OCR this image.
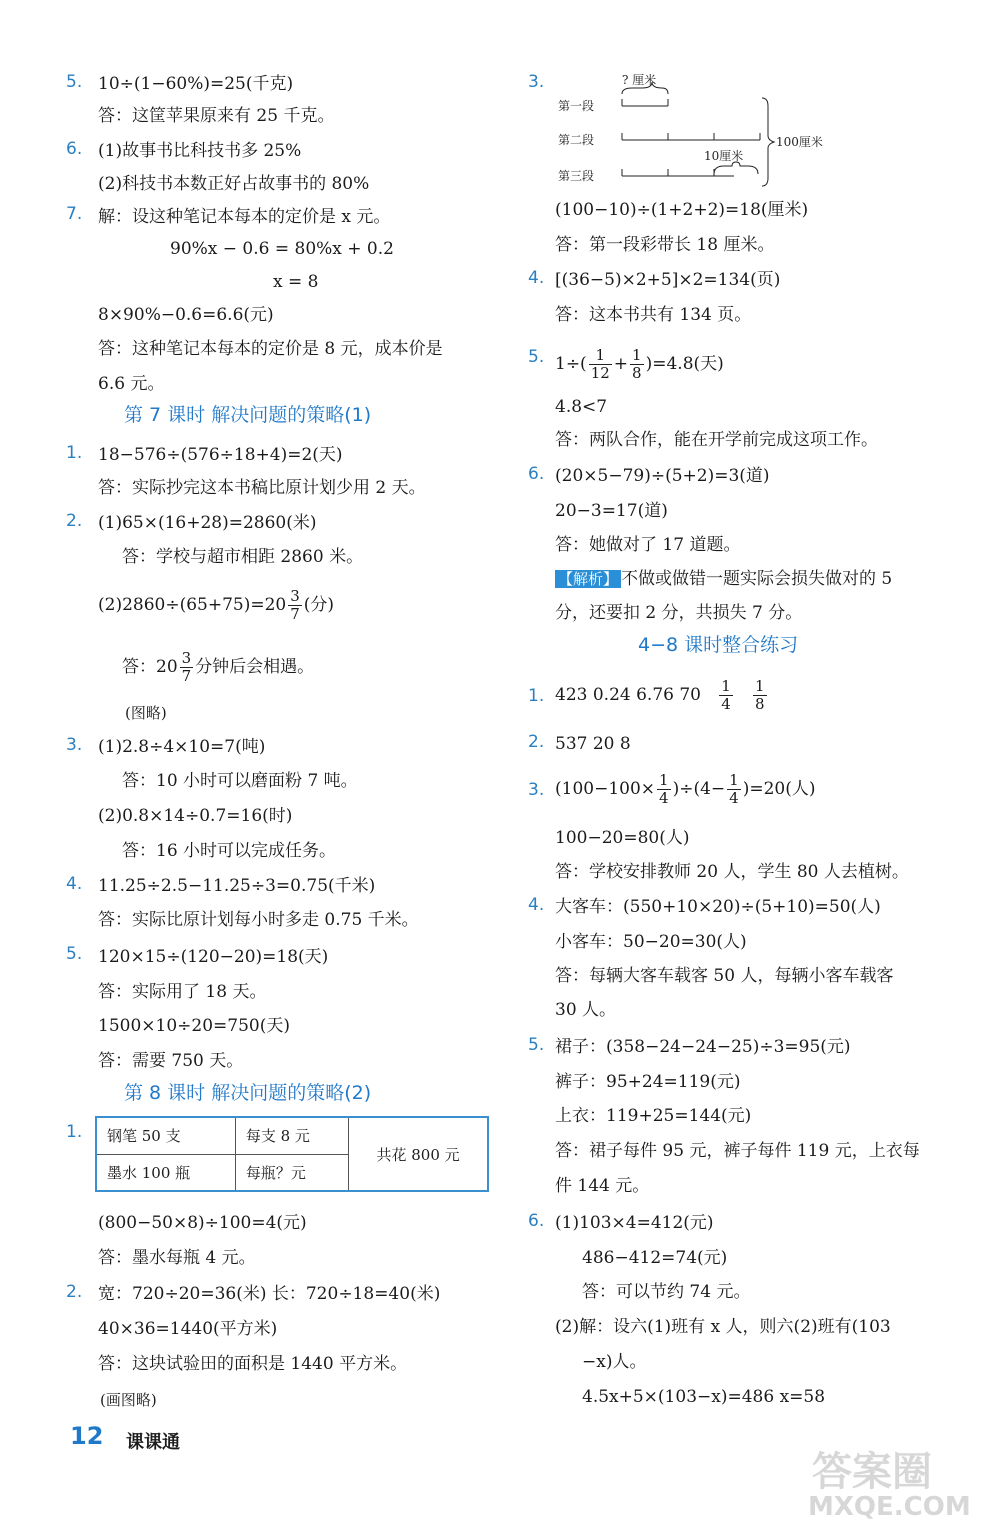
5. 10÷(1−60%)=25(千克)
答：这筐苹果原来有 25 千克。
6. (1)故事书比科技书多 25%
(2)科技书本数正好占故事书的 80%
7. 解：设这种笔记本每本的定价是 x 元。
90%x − 0.6 = 80%x + 0.2
x = 8
8×90%−0.6=6.6(元)
答：这种笔记本每本的定价是 8 元，成本价是
6.6 元。
第 7 课时 解决问题的策略(1)
1. 18−576÷(576÷18+4)=2(天)
答：实际抄完这本书稿比原计划少用 2 天。
2. (1)65×(16+28)=2860(米)
答：学校与超市相距 2860 米。
$(2)2860\div(65+75)=20 \frac{3}{7}$ (分)
答：$20 \frac{3}{7}$ 分钟后会相遇。
(图略)
3. (1)2.8÷4×10=7(吨)
答：10 小时可以磨面粉 7 吨。
(2)0.8×14÷0.7=16(时)
答：16 小时可以完成任务。
4. 11.25÷2.5−11.25÷3=0.75(千米)
答：实际比原计划每小时多走 0.75 千米。
5. 120×15÷(120−20)=18(天)
答：实际用了 18 天。
1500×10÷20=750(天)
答：需要 750 天。
第 8 课时 解决问题的策略(2)
1. 钢笔 50 支	每支 8 元	共花 800 元
墨水 100 瓶	每瓶？元	
(800−50×8)÷100=4(元)
答：墨水每瓶 4 元。
2. 宽：720÷20=36(米) 长：720÷18=40(米)
40×36=1440(平方米)
答：这块试验田的面积是 1440 平方米。
(画图略)
12 课课通
3.	? 厘米
第一段
第二段
10厘米
第三段
100厘米
(100−10)÷(1+2+2)=18(厘米)
答：第一段彩带长 18 厘米。
4. [(36−5)×2+5]×2=134(页)
答：这本书共有 134 页。
5. $1\div( \frac{1}{12} + \frac{1}{8} )=4.8$(天)
4.8<7
答：两队合作，能在开学前完成这项工作。
6. (20×5−79)÷(5+2)=3(道)
20−3=17(道)
答：她做对了 17 道题。
【解析】 不做或做错一题实际会损失做对的 5
分，还要扣 2 分，共损失 7 分。
4−8 课时整合练习
1. 423 0.24 6.76 $70 \frac{1}{4}$
$\frac{1}{8}$
2. 537 20 8
3. $(100-100\times \frac{1}{4} )\div(4- \frac{1}{4} )=20$(人)
100−20=80(人)
答：学校安排教师 20 人，学生 80 人去植树。
4. 大客车：(550+10×20)÷(5+10)=50(人)
小客车：50−20=30(人)
答：每辆大客车载客 50 人，每辆小客车载客
30 人。
5. 裙子：(358−24−24−25)÷3=95(元)
裤子：95+24=119(元)
上衣：119+25=144(元)
答：裙子每件 95 元，裤子每件 119 元，上衣每
件 144 元。
6. (1)103×4=412(元)
486−412=74(元)
答：可以节约 74 元。
(2)解：设六(1)班有 x 人，则六(2)班有(103
−x)人。
4.5x+5×(103−x)=486 x=58
答案圈
MXQE.COM
